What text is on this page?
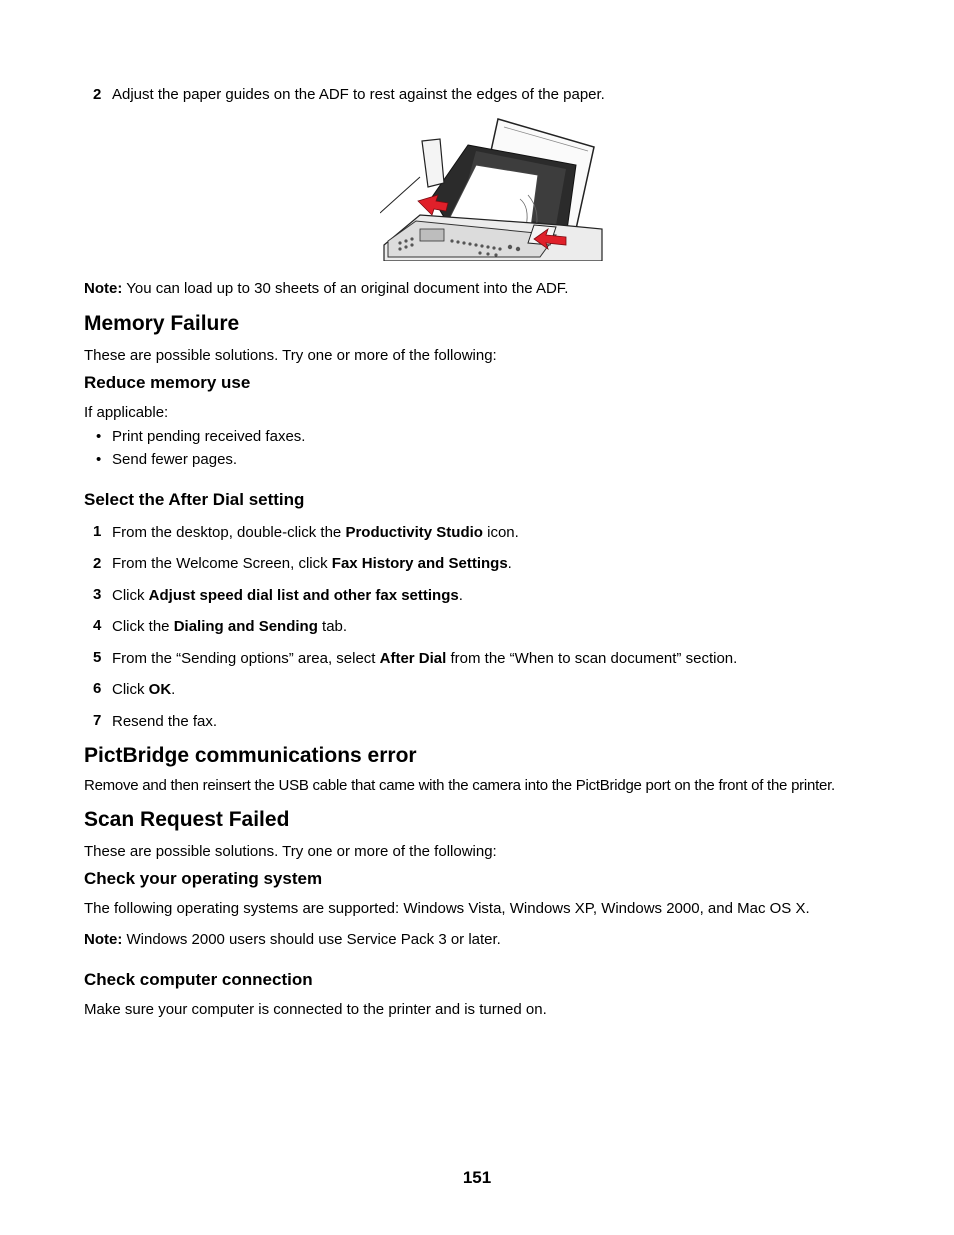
2 Adjust the paper guides on the ADF to rest against the edges of the paper.
Note: You can load up to 30 sheets of an original document into the ADF.
Memory Failure
These are possible solutions. Try one or more of the following:
Reduce memory use
If applicable:
• Print pending received faxes.
• Send fewer pages.
Select the After Dial setting
1 From the desktop, double-click the Productivity Studio icon.
2 From the Welcome Screen, click Fax History and Settings.
3 Click Adjust speed dial list and other fax settings.
4 Click the Dialing and Sending tab.
5 From the “Sending options” area, select After Dial from the “When to scan document” section.
6 Click OK.
7 Resend the fax.
PictBridge communications error
Remove and then reinsert the USB cable that came with the camera into the PictBridge port on the front of the printer.
Scan Request Failed
These are possible solutions. Try one or more of the following:
Check your operating system
The following operating systems are supported: Windows Vista, Windows XP, Windows 2000, and Mac OS X.
Note: Windows 2000 users should use Service Pack 3 or later.
Check computer connection
Make sure your computer is connected to the printer and is turned on.
151
